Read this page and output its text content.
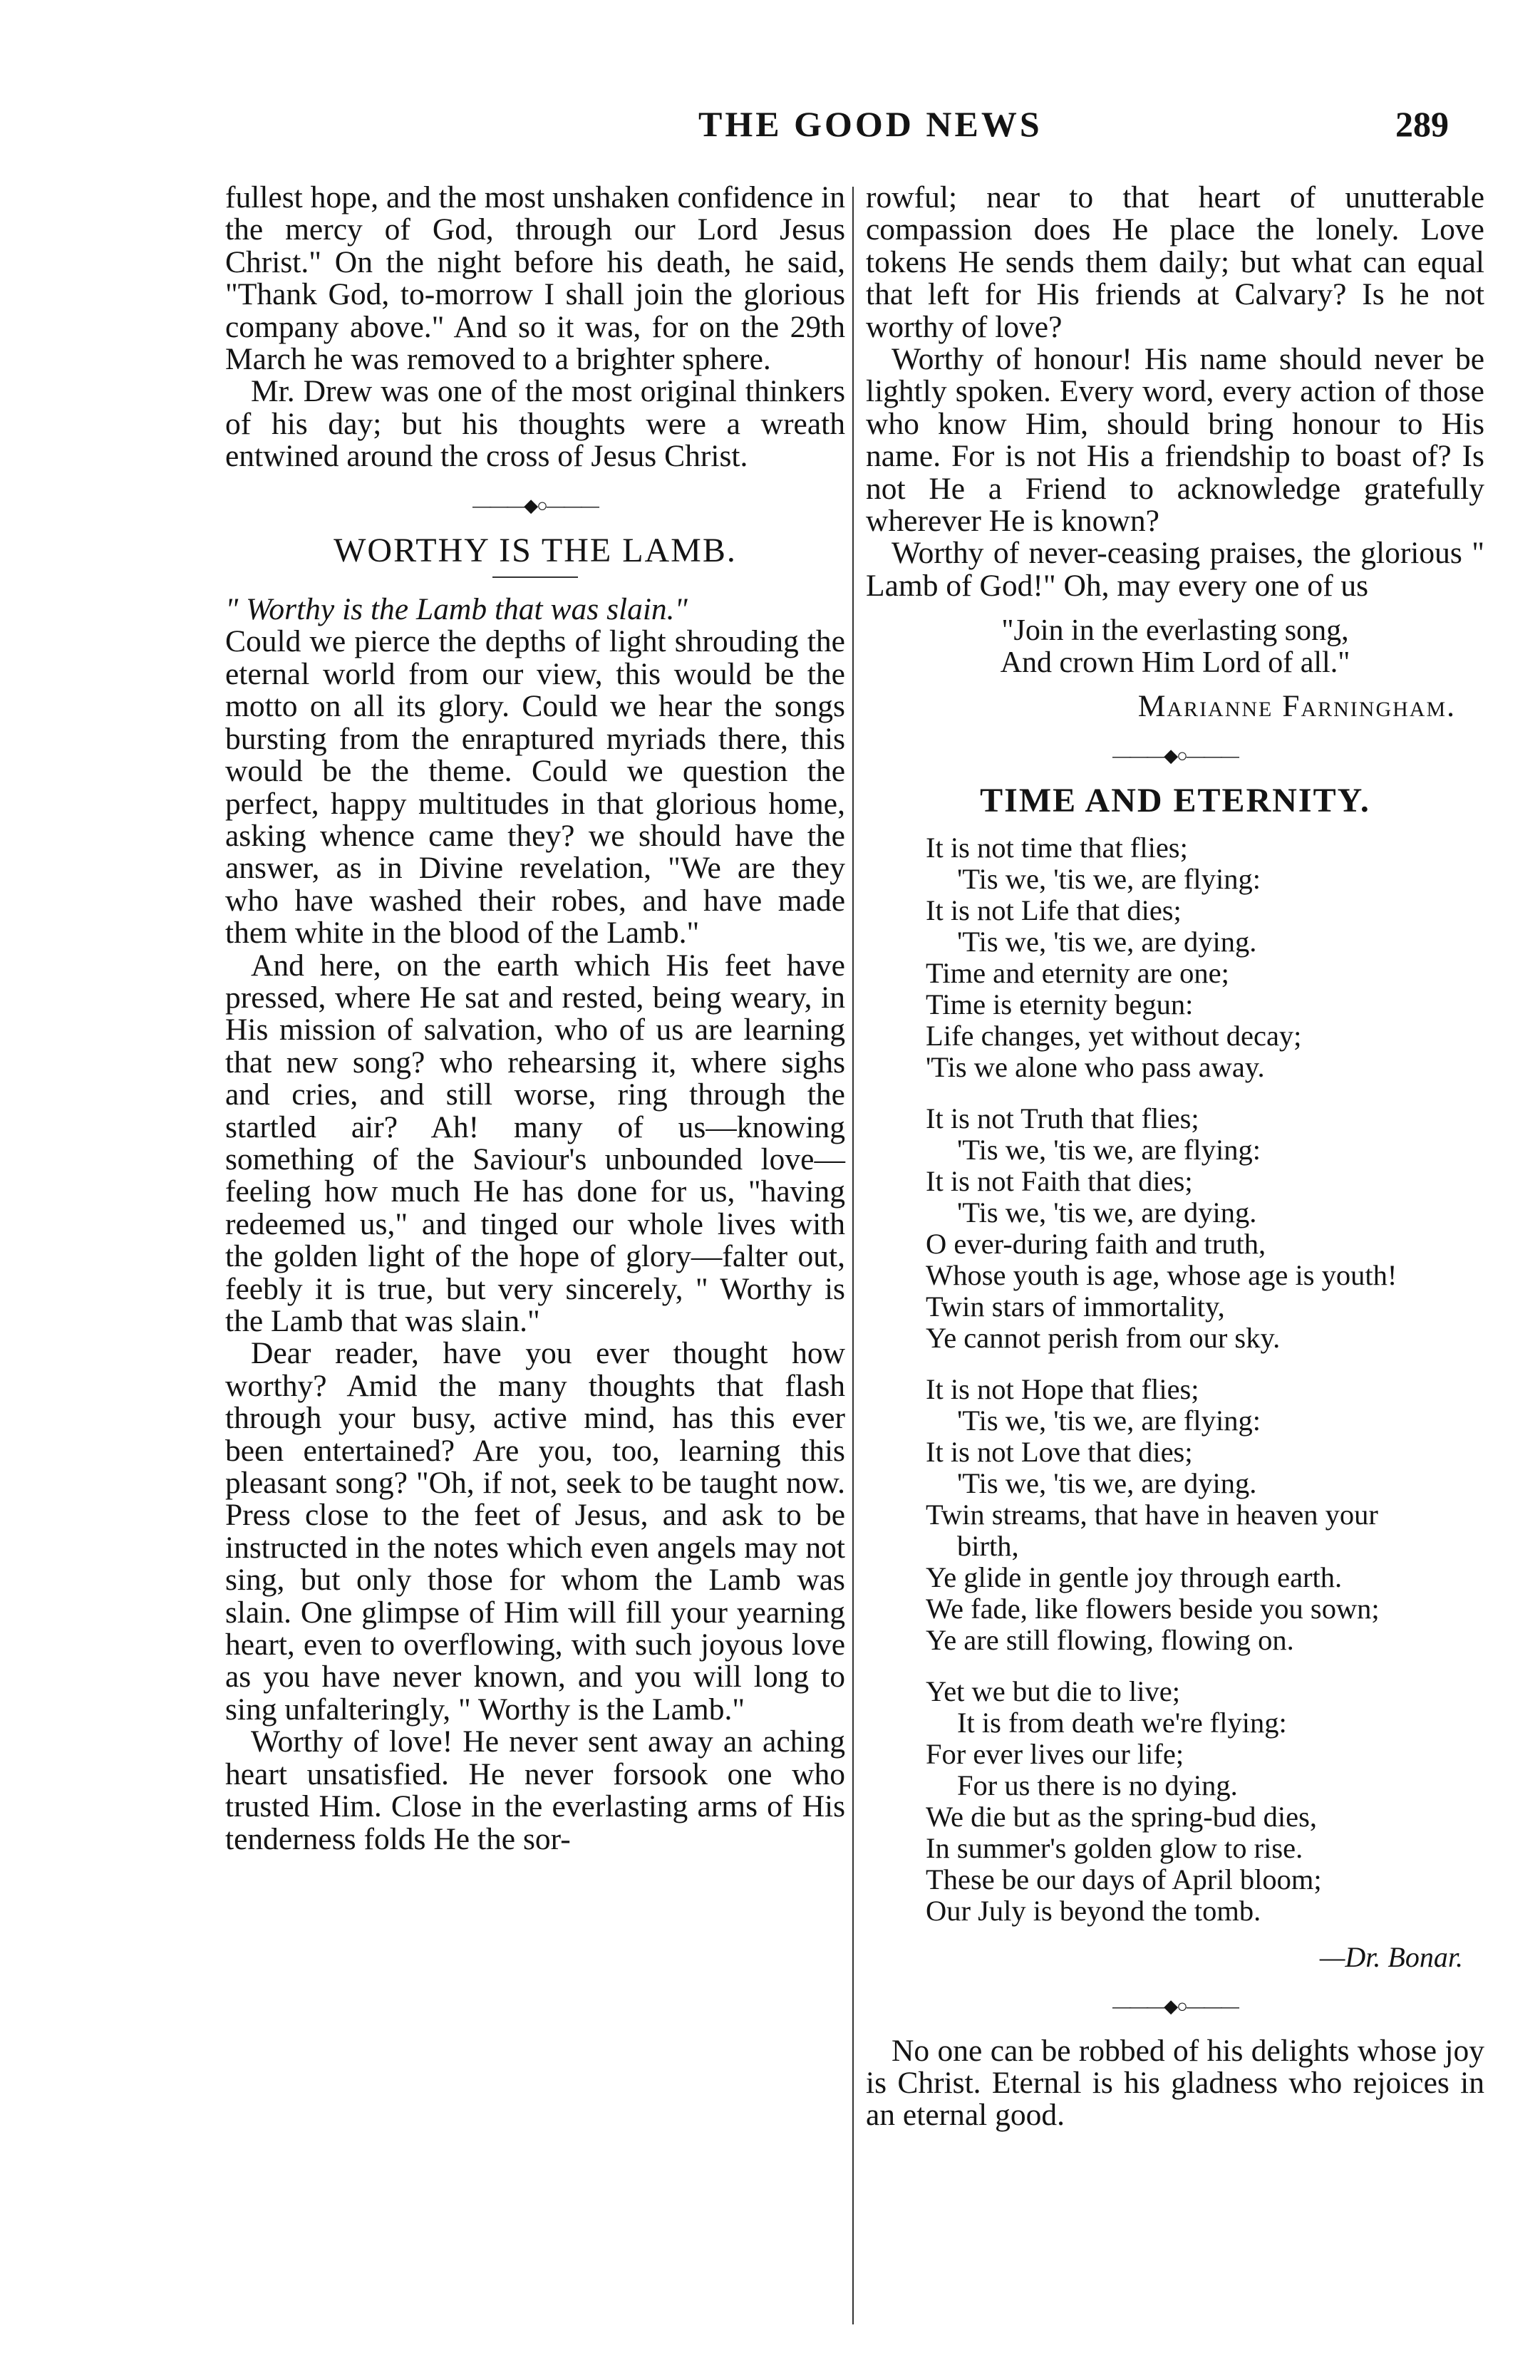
THE GOOD NEWS	289

fullest hope, and the most unshaken confidence in the mercy of God, through our Lord Jesus Christ." On the night before his death, he said, "Thank God, to-morrow I shall join the glorious company above." And so it was, for on the 29th March he was removed to a brighter sphere.

Mr. Drew was one of the most original thinkers of his day; but his thoughts were a wreath entwined around the cross of Jesus Christ.

———◆○———
WORTHY IS THE LAMB.

" Worthy is the Lamb that was slain."

Could we pierce the depths of light shrouding the eternal world from our view, this would be the motto on all its glory. Could we hear the songs bursting from the enraptured myriads there, this would be the theme. Could we question the perfect, happy multitudes in that glorious home, asking whence came they? we should have the answer, as in Divine revelation, "We are they who have washed their robes, and have made them white in the blood of the Lamb."

And here, on the earth which His feet have pressed, where He sat and rested, being weary, in His mission of salvation, who of us are learning that new song? who rehearsing it, where sighs and cries, and still worse, ring through the startled air? Ah! many of us—knowing something of the Saviour's unbounded love—feeling how much He has done for us, "having redeemed us," and tinged our whole lives with the golden light of the hope of glory—falter out, feebly it is true, but very sincerely, " Worthy is the Lamb that was slain."

Dear reader, have you ever thought how worthy? Amid the many thoughts that flash through your busy, active mind, has this ever been entertained? Are you, too, learning this pleasant song? "Oh, if not, seek to be taught now. Press close to the feet of Jesus, and ask to be instructed in the notes which even angels may not sing, but only those for whom the Lamb was slain. One glimpse of Him will fill your yearning heart, even to overflowing, with such joyous love as you have never known, and you will long to sing unfalteringly, " Worthy is the Lamb."

Worthy of love! He never sent away an aching heart unsatisfied. He never forsook one who trusted Him. Close in the everlasting arms of His tenderness folds He the sor-

rowful; near to that heart of unutterable compassion does He place the lonely. Love tokens He sends them daily; but what can equal that left for His friends at Calvary? Is he not worthy of love?

Worthy of honour! His name should never be lightly spoken. Every word, every action of those who know Him, should bring honour to His name. For is not His a friendship to boast of? Is not He a Friend to acknowledge gratefully wherever He is known?

Worthy of never-ceasing praises, the glorious " Lamb of God!" Oh, may every one of us

"Join in the everlasting song,
And crown Him Lord of all."
Marianne Farningham.
———◆○———
TIME AND ETERNITY.
It is not time that flies;
'Tis we, 'tis we, are flying:
It is not Life that dies;
'Tis we, 'tis we, are dying.
Time and eternity are one;
Time is eternity begun:
Life changes, yet without decay;
'Tis we alone who pass away.
It is not Truth that flies;
'Tis we, 'tis we, are flying:
It is not Faith that dies;
'Tis we, 'tis we, are dying.
O ever-during faith and truth,
Whose youth is age, whose age is youth!
Twin stars of immortality,
Ye cannot perish from our sky.
It is not Hope that flies;
'Tis we, 'tis we, are flying:
It is not Love that dies;
'Tis we, 'tis we, are dying.
Twin streams, that have in heaven your
birth,
Ye glide in gentle joy through earth.
We fade, like flowers beside you sown;
Ye are still flowing, flowing on.
Yet we but die to live;
It is from death we're flying:
For ever lives our life;
For us there is no dying.
We die but as the spring-bud dies,
In summer's golden glow to rise.
These be our days of April bloom;
Our July is beyond the tomb.
—Dr. Bonar.
———◆○———

No one can be robbed of his delights whose joy is Christ. Eternal is his gladness who rejoices in an eternal good.
